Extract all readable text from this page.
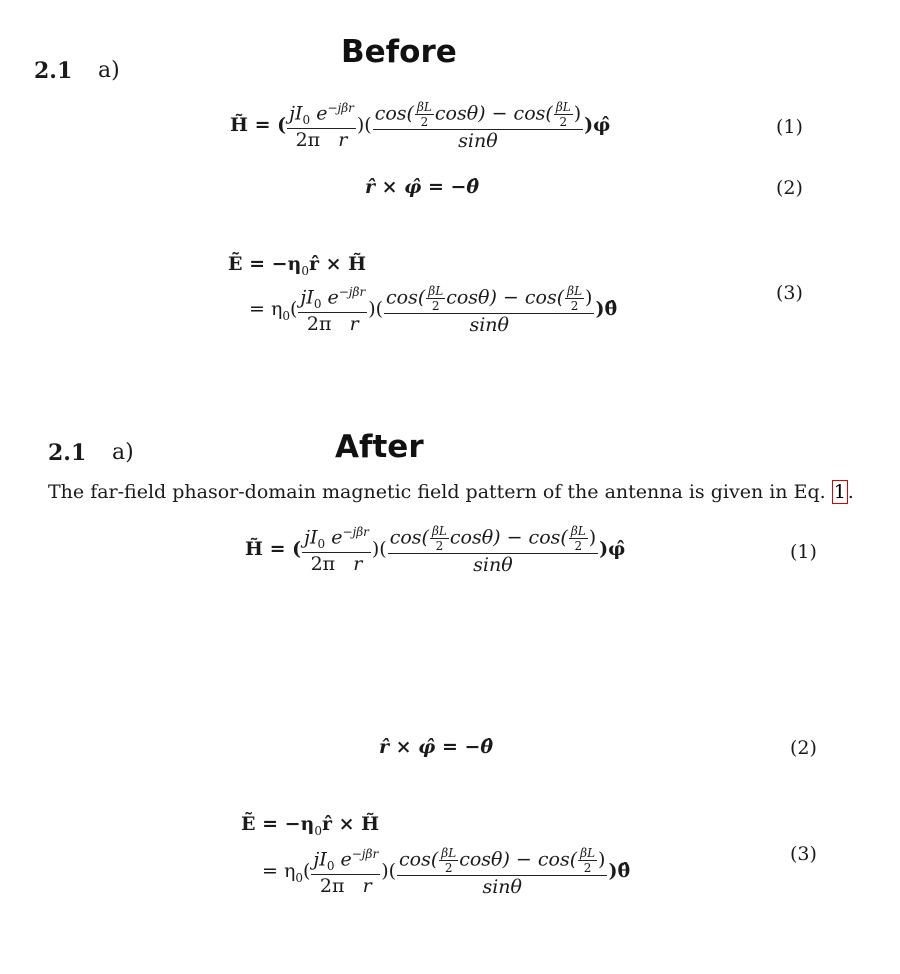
Before
2.1 a)
H̃ = ( $\frac{jI_0 e^{-j\beta r}}{\text{2π r}}$ )( $\frac{\cos( \frac{\beta L}{2} \cos\theta) - \cos( \frac{\beta L}{2} )}{\sin\theta}$ )φ̂	(1)
r̂ × φ̂ = −θ̂	(2)
Ẽ = $-\eta_0r̂$ × H̃
= $\eta_0( \frac{jI_0 e^{-j\beta r}}{\text{2π r}}$ )( $\frac{\cos( \frac{\beta L}{2} \cos\theta) - \cos( \frac{\beta L}{2} )}{\sin\theta}$ )θ̂
(3)
After
2.1 a)
The far-field phasor-domain magnetic field pattern of the antenna is given in Eq. 1 .
H̃ = ( $\frac{jI_0 e^{-j\beta r}}{\text{2π r}}$ )( $\frac{\cos( \frac{\beta L}{2} \cos\theta) - \cos( \frac{\beta L}{2} )}{\sin\theta}$ )φ̂	(1)
r̂ × φ̂ = −θ̂	(2)
Ẽ = $-\eta_0r̂$ × H̃
= $\eta_0( \frac{jI_0 e^{-j\beta r}}{\text{2π r}}$ )( $\frac{\cos( \frac{\beta L}{2} \cos\theta) - \cos( \frac{\beta L}{2} )}{\sin\theta}$ )θ̂
(3)
